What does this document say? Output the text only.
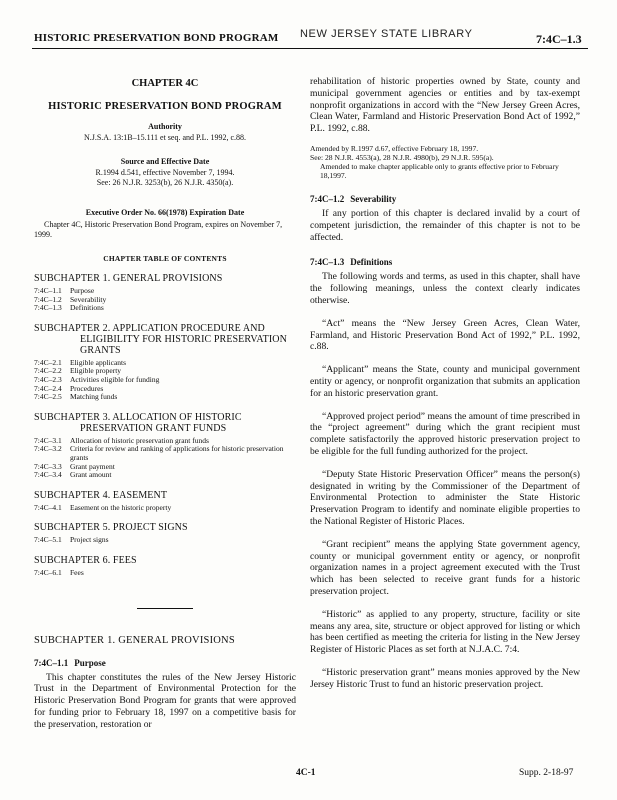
HISTORIC PRESERVATION BOND PROGRAM NEW JERSEY STATE LIBRARY	7:4C–1.3
CHAPTER 4C
HISTORIC PRESERVATION BOND PROGRAM
Authority
N.J.S.A. 13:1B–15.111 et seq. and P.L. 1992, c.88.
Source and Effective Date
R.1994 d.541, effective November 7, 1994.
See: 26 N.J.R. 3253(b), 26 N.J.R. 4350(a).
Executive Order No. 66(1978) Expiration Date
Chapter 4C, Historic Preservation Bond Program, expires on November 7, 1999.
CHAPTER TABLE OF CONTENTS
SUBCHAPTER 1. GENERAL PROVISIONS
7:4C–1.1	Purpose
7:4C–1.2	Severability
7:4C–1.3	Definitions
SUBCHAPTER 2. APPLICATION PROCEDURE AND ELIGIBILITY FOR HISTORIC PRESERVATION GRANTS
7:4C–2.1	Eligible applicants
7:4C–2.2	Eligible property
7:4C–2.3	Activities eligible for funding
7:4C–2.4	Procedures
7:4C–2.5	Matching funds
SUBCHAPTER 3. ALLOCATION OF HISTORIC PRESERVATION GRANT FUNDS
7:4C–3.1	Allocation of historic preservation grant funds
7:4C–3.2	Criteria for review and ranking of applications for historic preservation grants
7:4C–3.3	Grant payment
7:4C–3.4	Grant amount
SUBCHAPTER 4. EASEMENT
7:4C–4.1	Easement on the historic property
SUBCHAPTER 5. PROJECT SIGNS
7:4C–5.1	Project signs
SUBCHAPTER 6. FEES
7:4C–6.1	Fees
SUBCHAPTER 1. GENERAL PROVISIONS
7:4C–1.1 Purpose

This chapter constitutes the rules of the New Jersey Historic Trust in the Department of Environmental Protection for the Historic Preservation Bond Program for grants that were approved for funding prior to February 18, 1997 on a competitive basis for the preservation, restoration or

rehabilitation of historic properties owned by State, county and municipal government agencies or entities and by tax-exempt nonprofit organizations in accord with the “New Jersey Green Acres, Clean Water, Farmland and Historic Preservation Bond Act of 1992,” P.L. 1992, c.88.

Amended by R.1997 d.67, effective February 18, 1997.
See: 28 N.J.R. 4553(a), 28 N.J.R. 4980(b), 29 N.J.R. 595(a).
Amended to make chapter applicable only to grants effective prior to February 18,1997.
7:4C–1.2 Severability

If any portion of this chapter is declared invalid by a court of competent jurisdiction, the remainder of this chapter is not to be affected.

7:4C–1.3 Definitions

The following words and terms, as used in this chapter, shall have the following meanings, unless the context clearly indicates otherwise.

“Act” means the “New Jersey Green Acres, Clean Water, Farmland, and Historic Preservation Bond Act of 1992,” P.L. 1992, c.88.

“Applicant” means the State, county and municipal government entity or agency, or nonprofit organization that submits an application for an historic preservation grant.

“Approved project period” means the amount of time prescribed in the “project agreement” during which the grant recipient must complete satisfactorily the approved historic preservation project to be eligible for the full funding authorized for the project.

“Deputy State Historic Preservation Officer” means the person(s) designated in writing by the Commissioner of the Department of Environmental Protection to administer the State Historic Preservation Program to identify and nominate eligible properties to the National Register of Historic Places.

“Grant recipient” means the applying State government agency, county or municipal government entity or agency, or nonprofit organization names in a project agreement executed with the Trust which has been selected to receive grant funds for a historic preservation project.

“Historic” as applied to any property, structure, facility or site means any area, site, structure or object approved for listing or which has been certified as meeting the criteria for listing in the New Jersey Register of Historic Places as set forth at N.J.A.C. 7:4.

“Historic preservation grant” means monies approved by the New Jersey Historic Trust to fund an historic preservation project.

4C-1	Supp. 2-18-97
